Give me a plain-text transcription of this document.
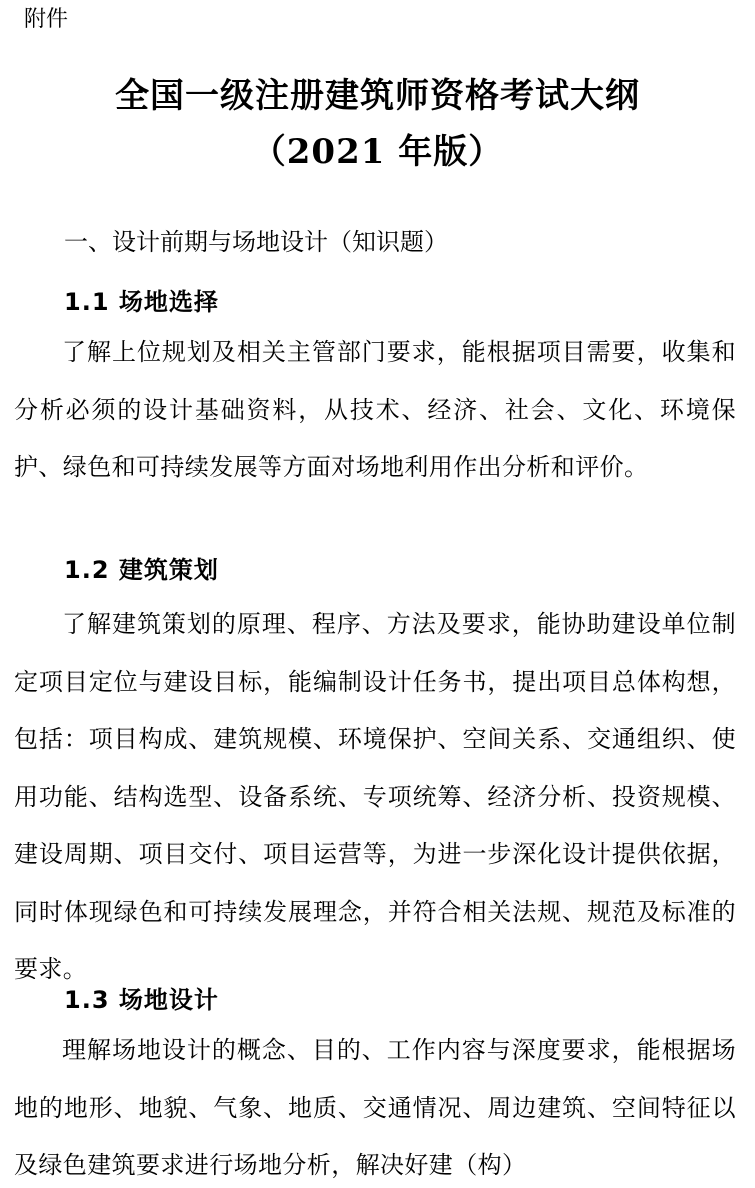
附件
全国一级注册建筑师资格考试大纲
（2021 年版）
一、设计前期与场地设计（知识题）
1.1 场地选择

了解上位规划及相关主管部门要求，能根据项目需要，收集和分析必须的设计基础资料，从技术、经济、社会、文化、环境保护、绿色和可持续发展等方面对场地利用作出分析和评价。

1.2 建筑策划

了解建筑策划的原理、程序、方法及要求，能协助建设单位制定项目定位与建设目标，能编制设计任务书，提出项目总体构想，包括：项目构成、建筑规模、环境保护、空间关系、交通组织、使用功能、结构选型、设备系统、专项统筹、经济分析、投资规模、建设周期、项目交付、项目运营等，为进一步深化设计提供依据，同时体现绿色和可持续发展理念，并符合相关法规、规范及标准的要求。

1.3 场地设计

理解场地设计的概念、目的、工作内容与深度要求，能根据场地的地形、地貌、气象、地质、交通情况、周边建筑、空间特征以及绿色建筑要求进行场地分析，解决好建（构）
